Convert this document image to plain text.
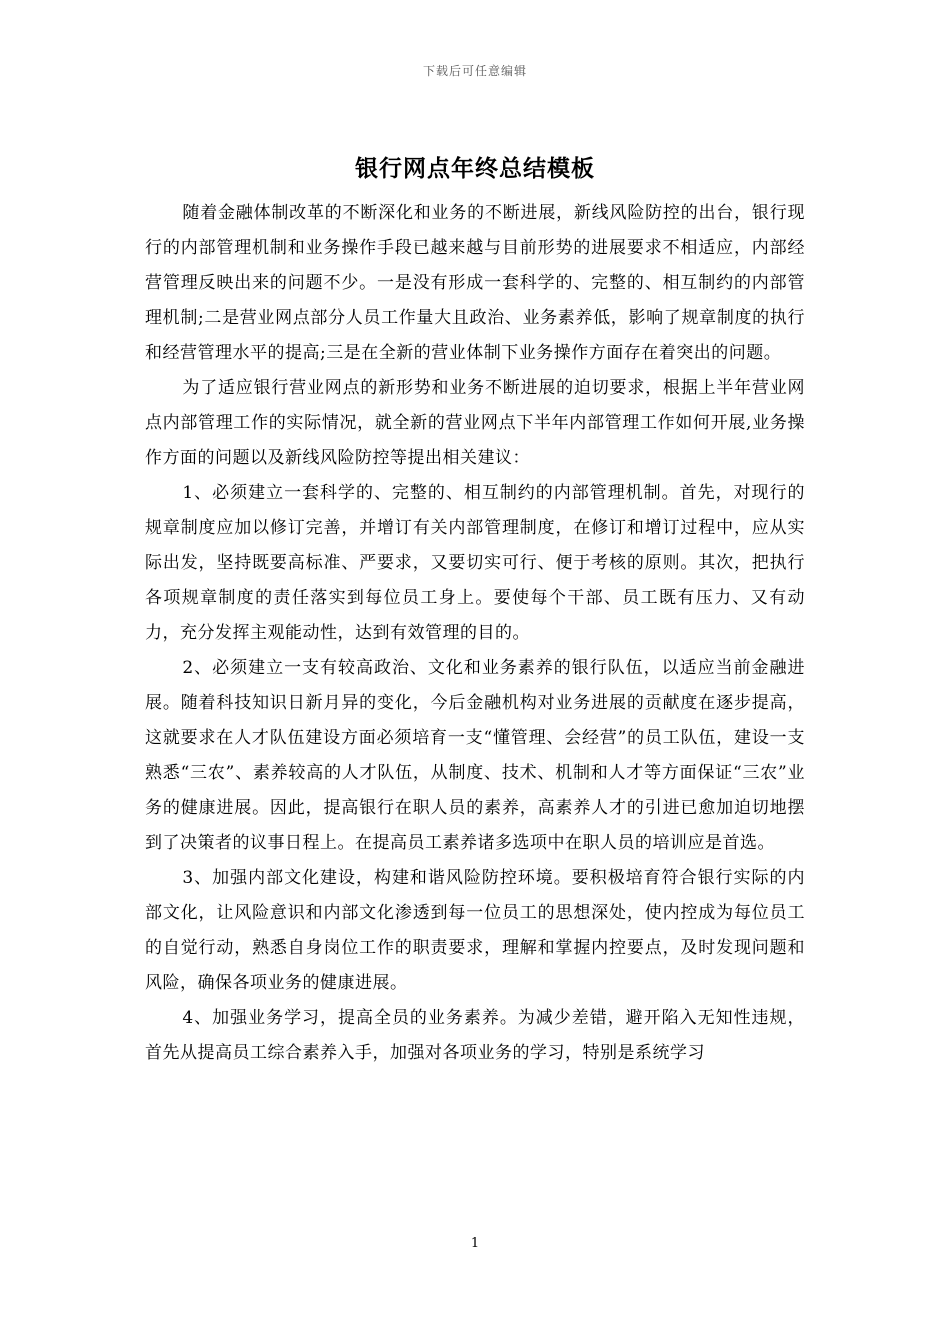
下载后可任意编辑
银行网点年终总结模板

随着金融体制改革的不断深化和业务的不断进展，新线风险防控的出台，银行现行的内部管理机制和业务操作手段已越来越与目前形势的进展要求不相适应，内部经营管理反映出来的问题不少。一是没有形成一套科学的、完整的、相互制约的内部管理机制;二是营业网点部分人员工作量大且政治、业务素养低，影响了规章制度的执行和经营管理水平的提高;三是在全新的营业体制下业务操作方面存在着突出的问题。

为了适应银行营业网点的新形势和业务不断进展的迫切要求，根据上半年营业网点内部管理工作的实际情况，就全新的营业网点下半年内部管理工作如何开展,业务操作方面的问题以及新线风险防控等提出相关建议：

1、必须建立一套科学的、完整的、相互制约的内部管理机制。首先，对现行的规章制度应加以修订完善，并增订有关内部管理制度，在修订和增订过程中，应从实际出发，坚持既要高标准、严要求，又要切实可行、便于考核的原则。其次，把执行各项规章制度的责任落实到每位员工身上。要使每个干部、员工既有压力、又有动力，充分发挥主观能动性，达到有效管理的目的。

2、必须建立一支有较高政治、文化和业务素养的银行队伍，以适应当前金融进展。随着科技知识日新月异的变化，今后金融机构对业务进展的贡献度在逐步提高，这就要求在人才队伍建设方面必须培育一支“懂管理、会经营”的员工队伍，建设一支熟悉“三农”、素养较高的人才队伍，从制度、技术、机制和人才等方面保证“三农”业务的健康进展。因此，提高银行在职人员的素养，高素养人才的引进已愈加迫切地摆到了决策者的议事日程上。在提高员工素养诸多选项中在职人员的培训应是首选。

3、加强内部文化建设，构建和谐风险防控环境。要积极培育符合银行实际的内部文化，让风险意识和内部文化渗透到每一位员工的思想深处，使内控成为每位员工的自觉行动，熟悉自身岗位工作的职责要求，理解和掌握内控要点，及时发现问题和风险，确保各项业务的健康进展。

4、加强业务学习，提高全员的业务素养。为减少差错，避开陷入无知性违规，首先从提高员工综合素养入手，加强对各项业务的学习，特别是系统学习

1
